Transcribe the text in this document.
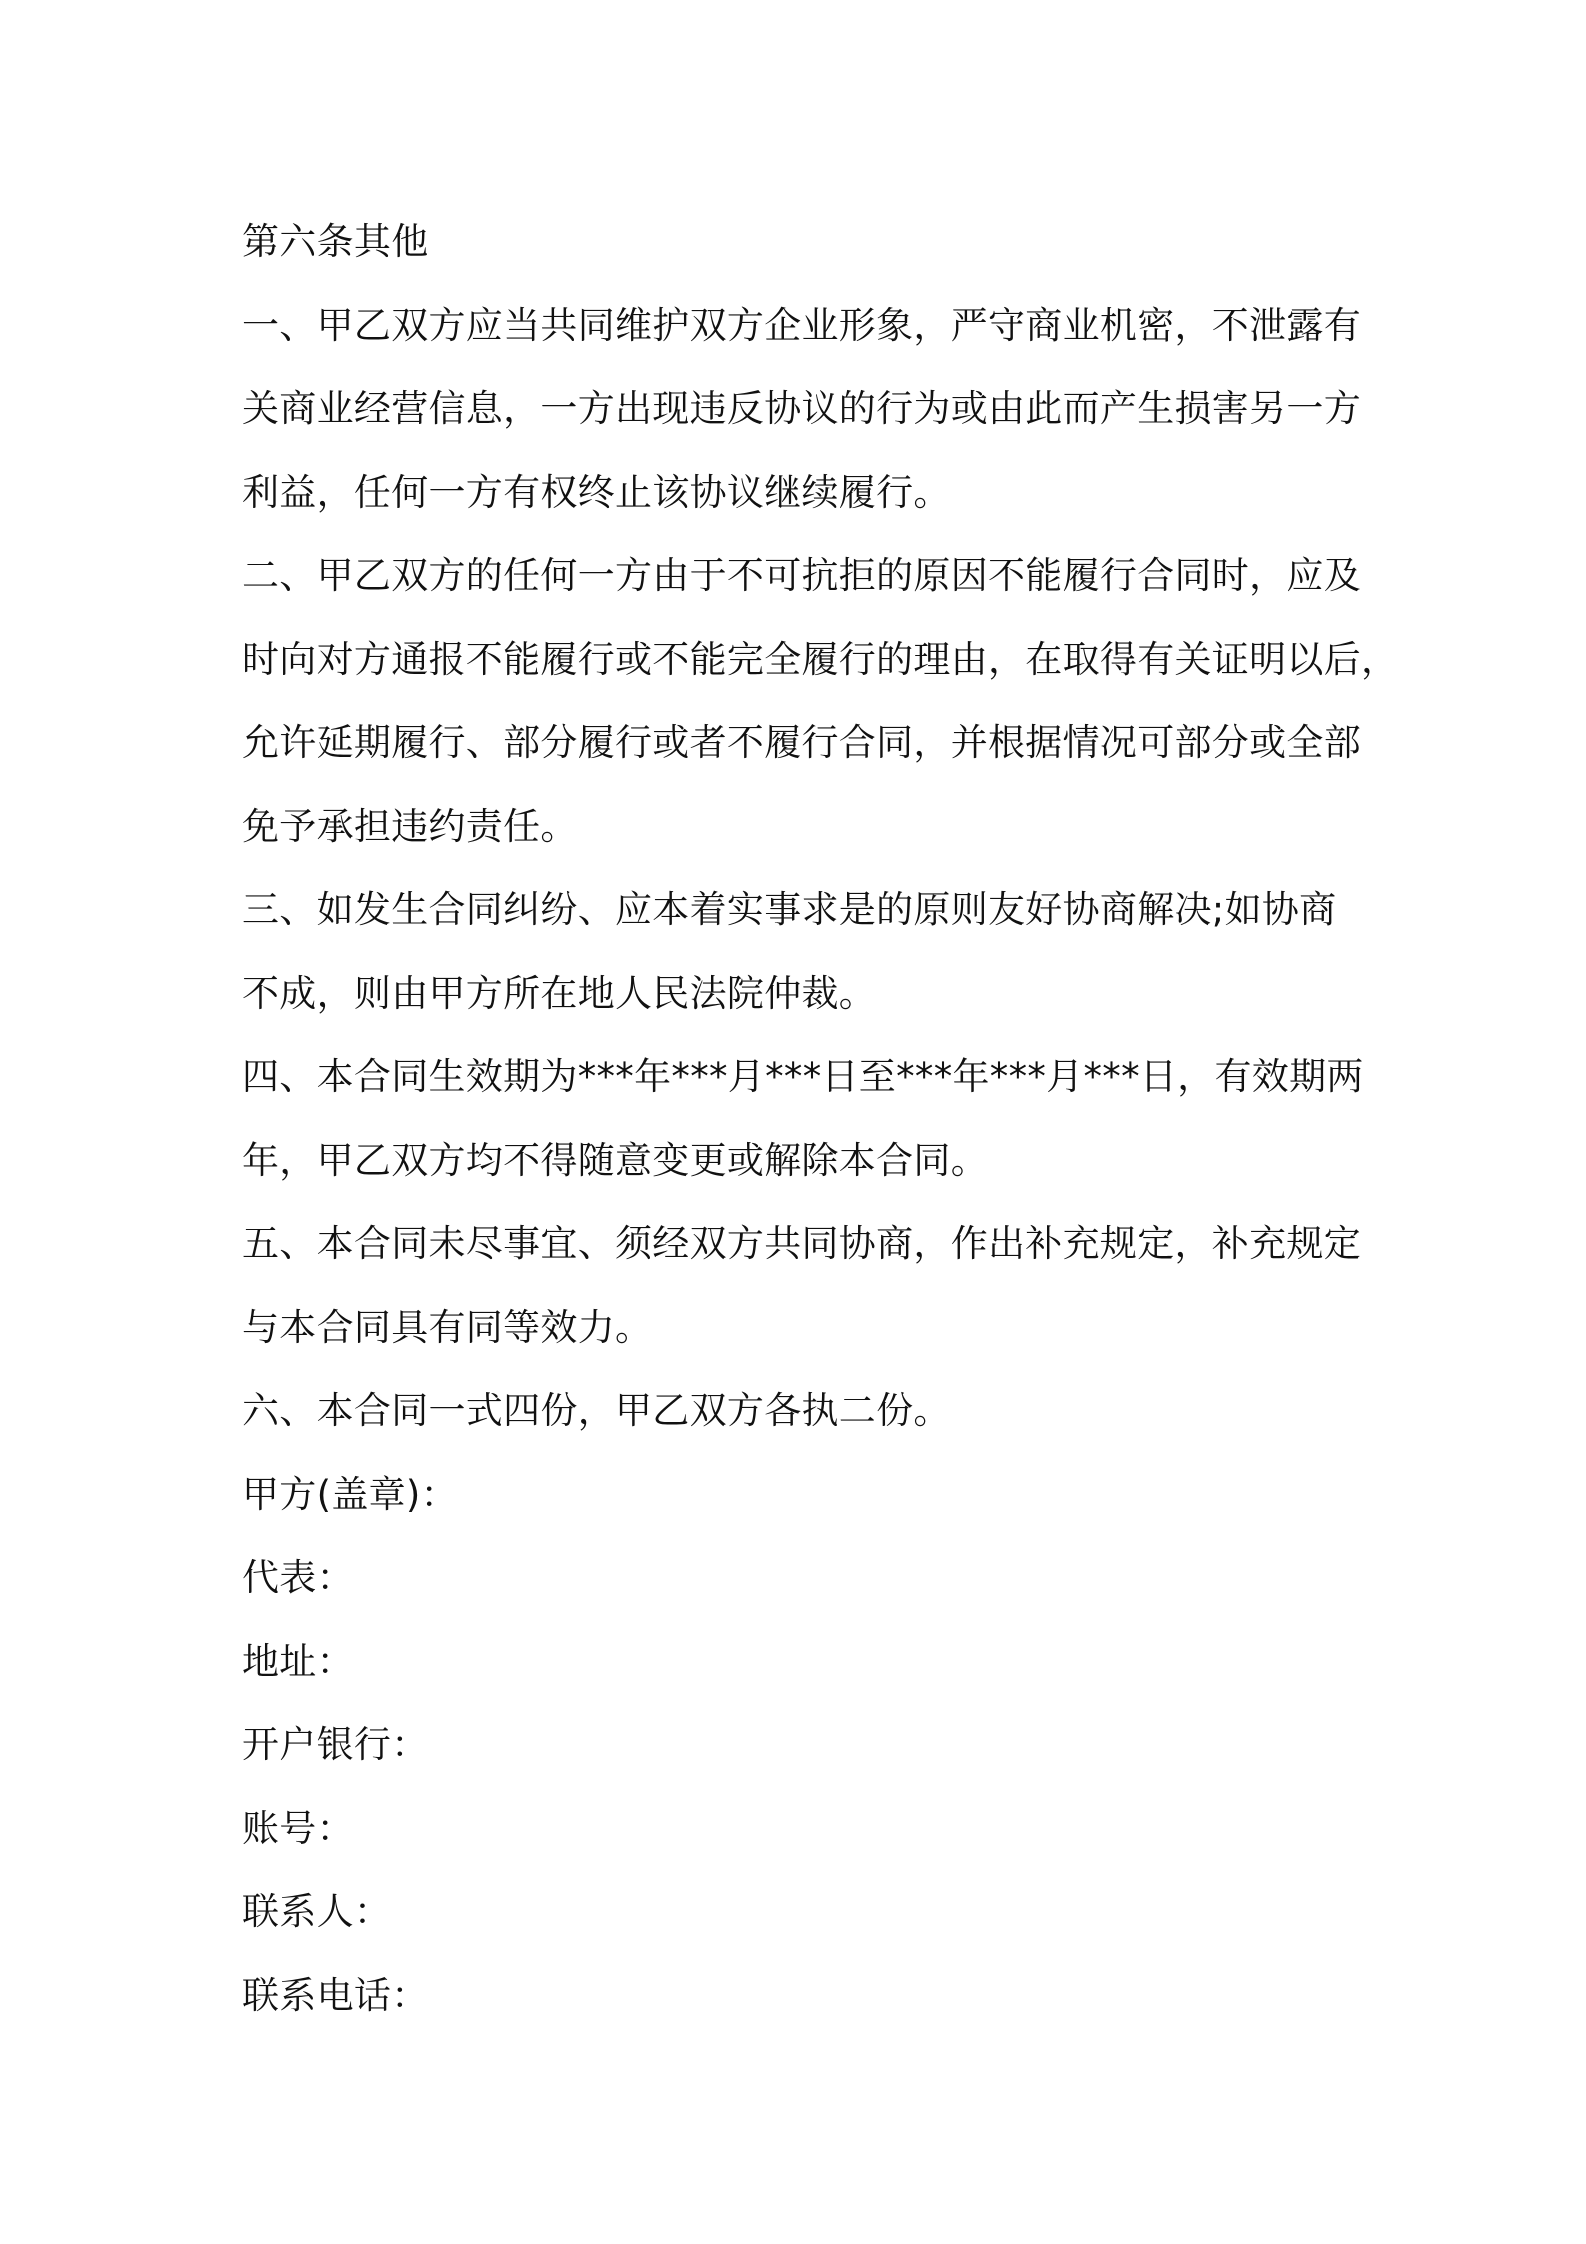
第六条其他
一、甲乙双方应当共同维护双方企业形象，严守商业机密，不泄露有
关商业经营信息，一方出现违反协议的行为或由此而产生损害另一方
利益，任何一方有权终止该协议继续履行。
二、甲乙双方的任何一方由于不可抗拒的原因不能履行合同时，应及
时向对方通报不能履行或不能完全履行的理由，在取得有关证明以后，
允许延期履行、部分履行或者不履行合同，并根据情况可部分或全部
免予承担违约责任。
三、如发生合同纠纷、应本着实事求是的原则友好协商解决;如协商
不成，则由甲方所在地人民法院仲裁。
四、本合同生效期为***年***月***日至***年***月***日，有效期两
年，甲乙双方均不得随意变更或解除本合同。
五、本合同未尽事宜、须经双方共同协商，作出补充规定，补充规定
与本合同具有同等效力。
六、本合同一式四份，甲乙双方各执二份。
甲方(盖章)：
代表：
地址：
开户银行：
账号：
联系人：
联系电话：
